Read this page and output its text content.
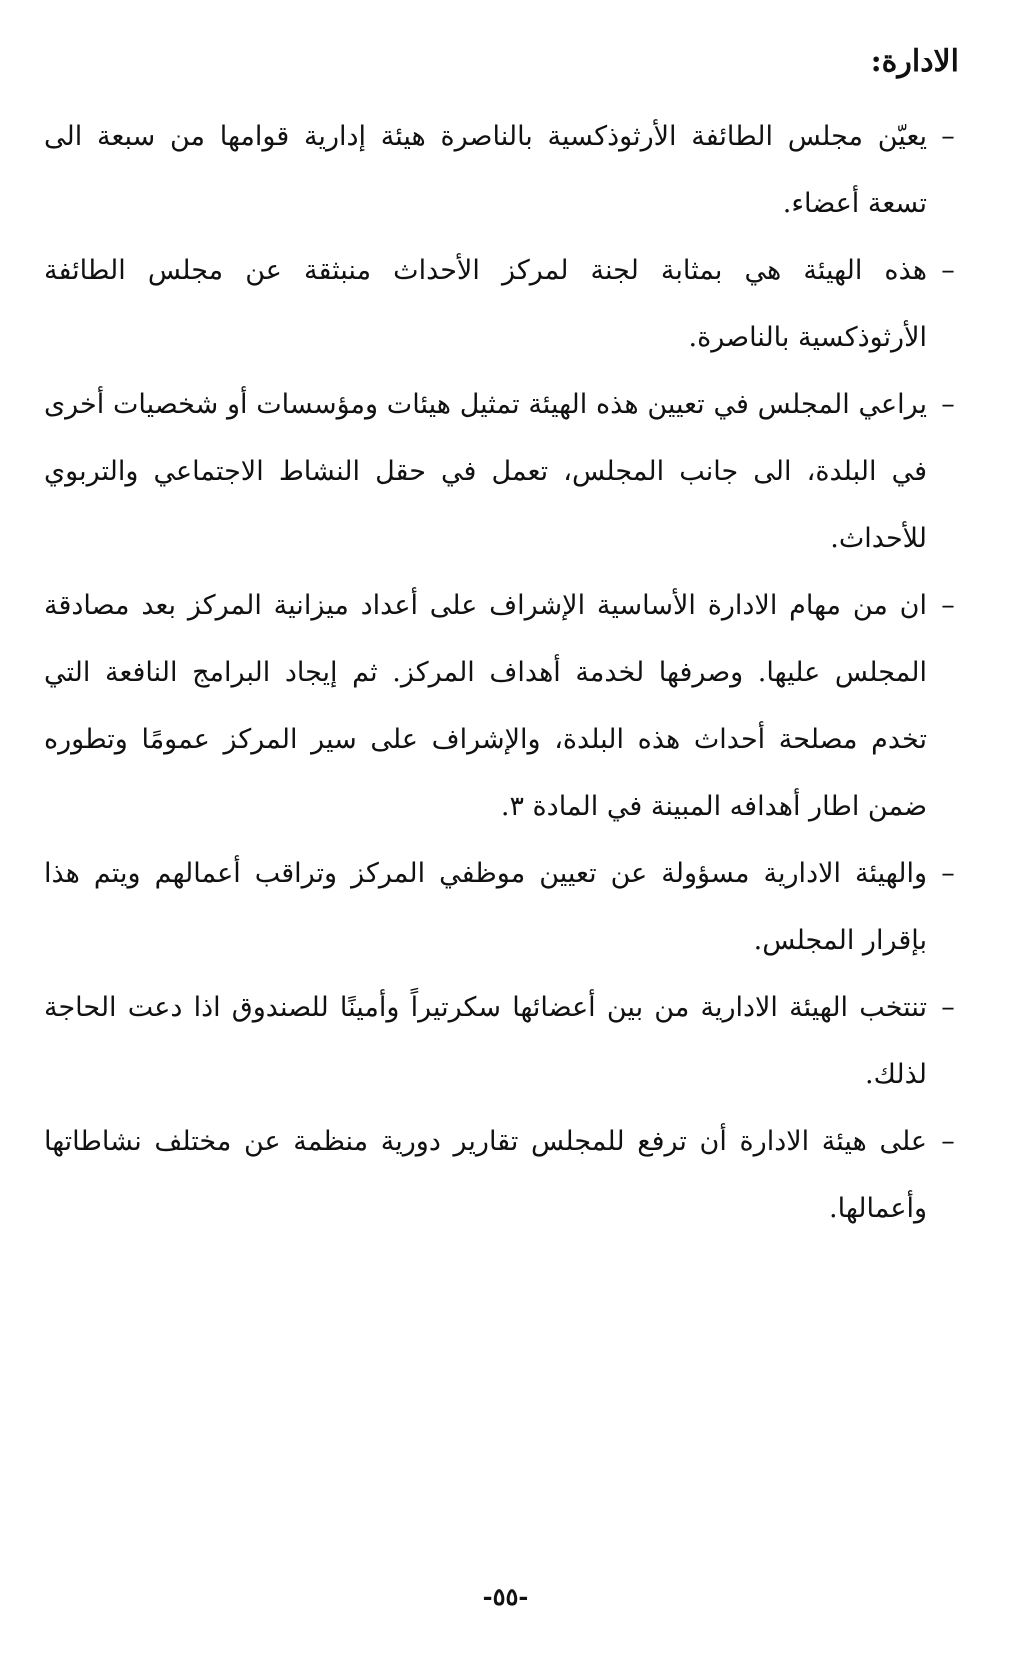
الادارة:
–
يعيّن مجلس الطائفة الأرثوذكسية بالناصرة هيئة إدارية قوامها من سبعة الى تسعة أعضاء.
–
هذه الهيئة هي بمثابة لجنة لمركز الأحداث منبثقة عن مجلس الطائفة الأرثوذكسية بالناصرة.
–
يراعي المجلس في تعيين هذه الهيئة تمثيل هيئات ومؤسسات أو شخصيات أخرى في البلدة، الى جانب المجلس، تعمل في حقل النشاط الاجتماعي والتربوي للأحداث.
–
ان من مهام الادارة الأساسية الإشراف على أعداد ميزانية المركز بعد مصادقة المجلس عليها. وصرفها لخدمة أهداف المركز. ثم إيجاد البرامج النافعة التي تخدم مصلحة أحداث هذه البلدة، والإشراف على سير المركز عمومًا وتطوره ضمن اطار أهدافه المبينة في المادة ٣.
–
والهيئة الادارية مسؤولة عن تعيين موظفي المركز وتراقب أعمالهم ويتم هذا بإقرار المجلس.
–
تنتخب الهيئة الادارية من بين أعضائها سكرتيراً وأمينًا للصندوق اذا دعت الحاجة لذلك.
–
على هيئة الادارة أن ترفع للمجلس تقارير دورية منظمة عن مختلف نشاطاتها وأعمالها.
-٥٥-
